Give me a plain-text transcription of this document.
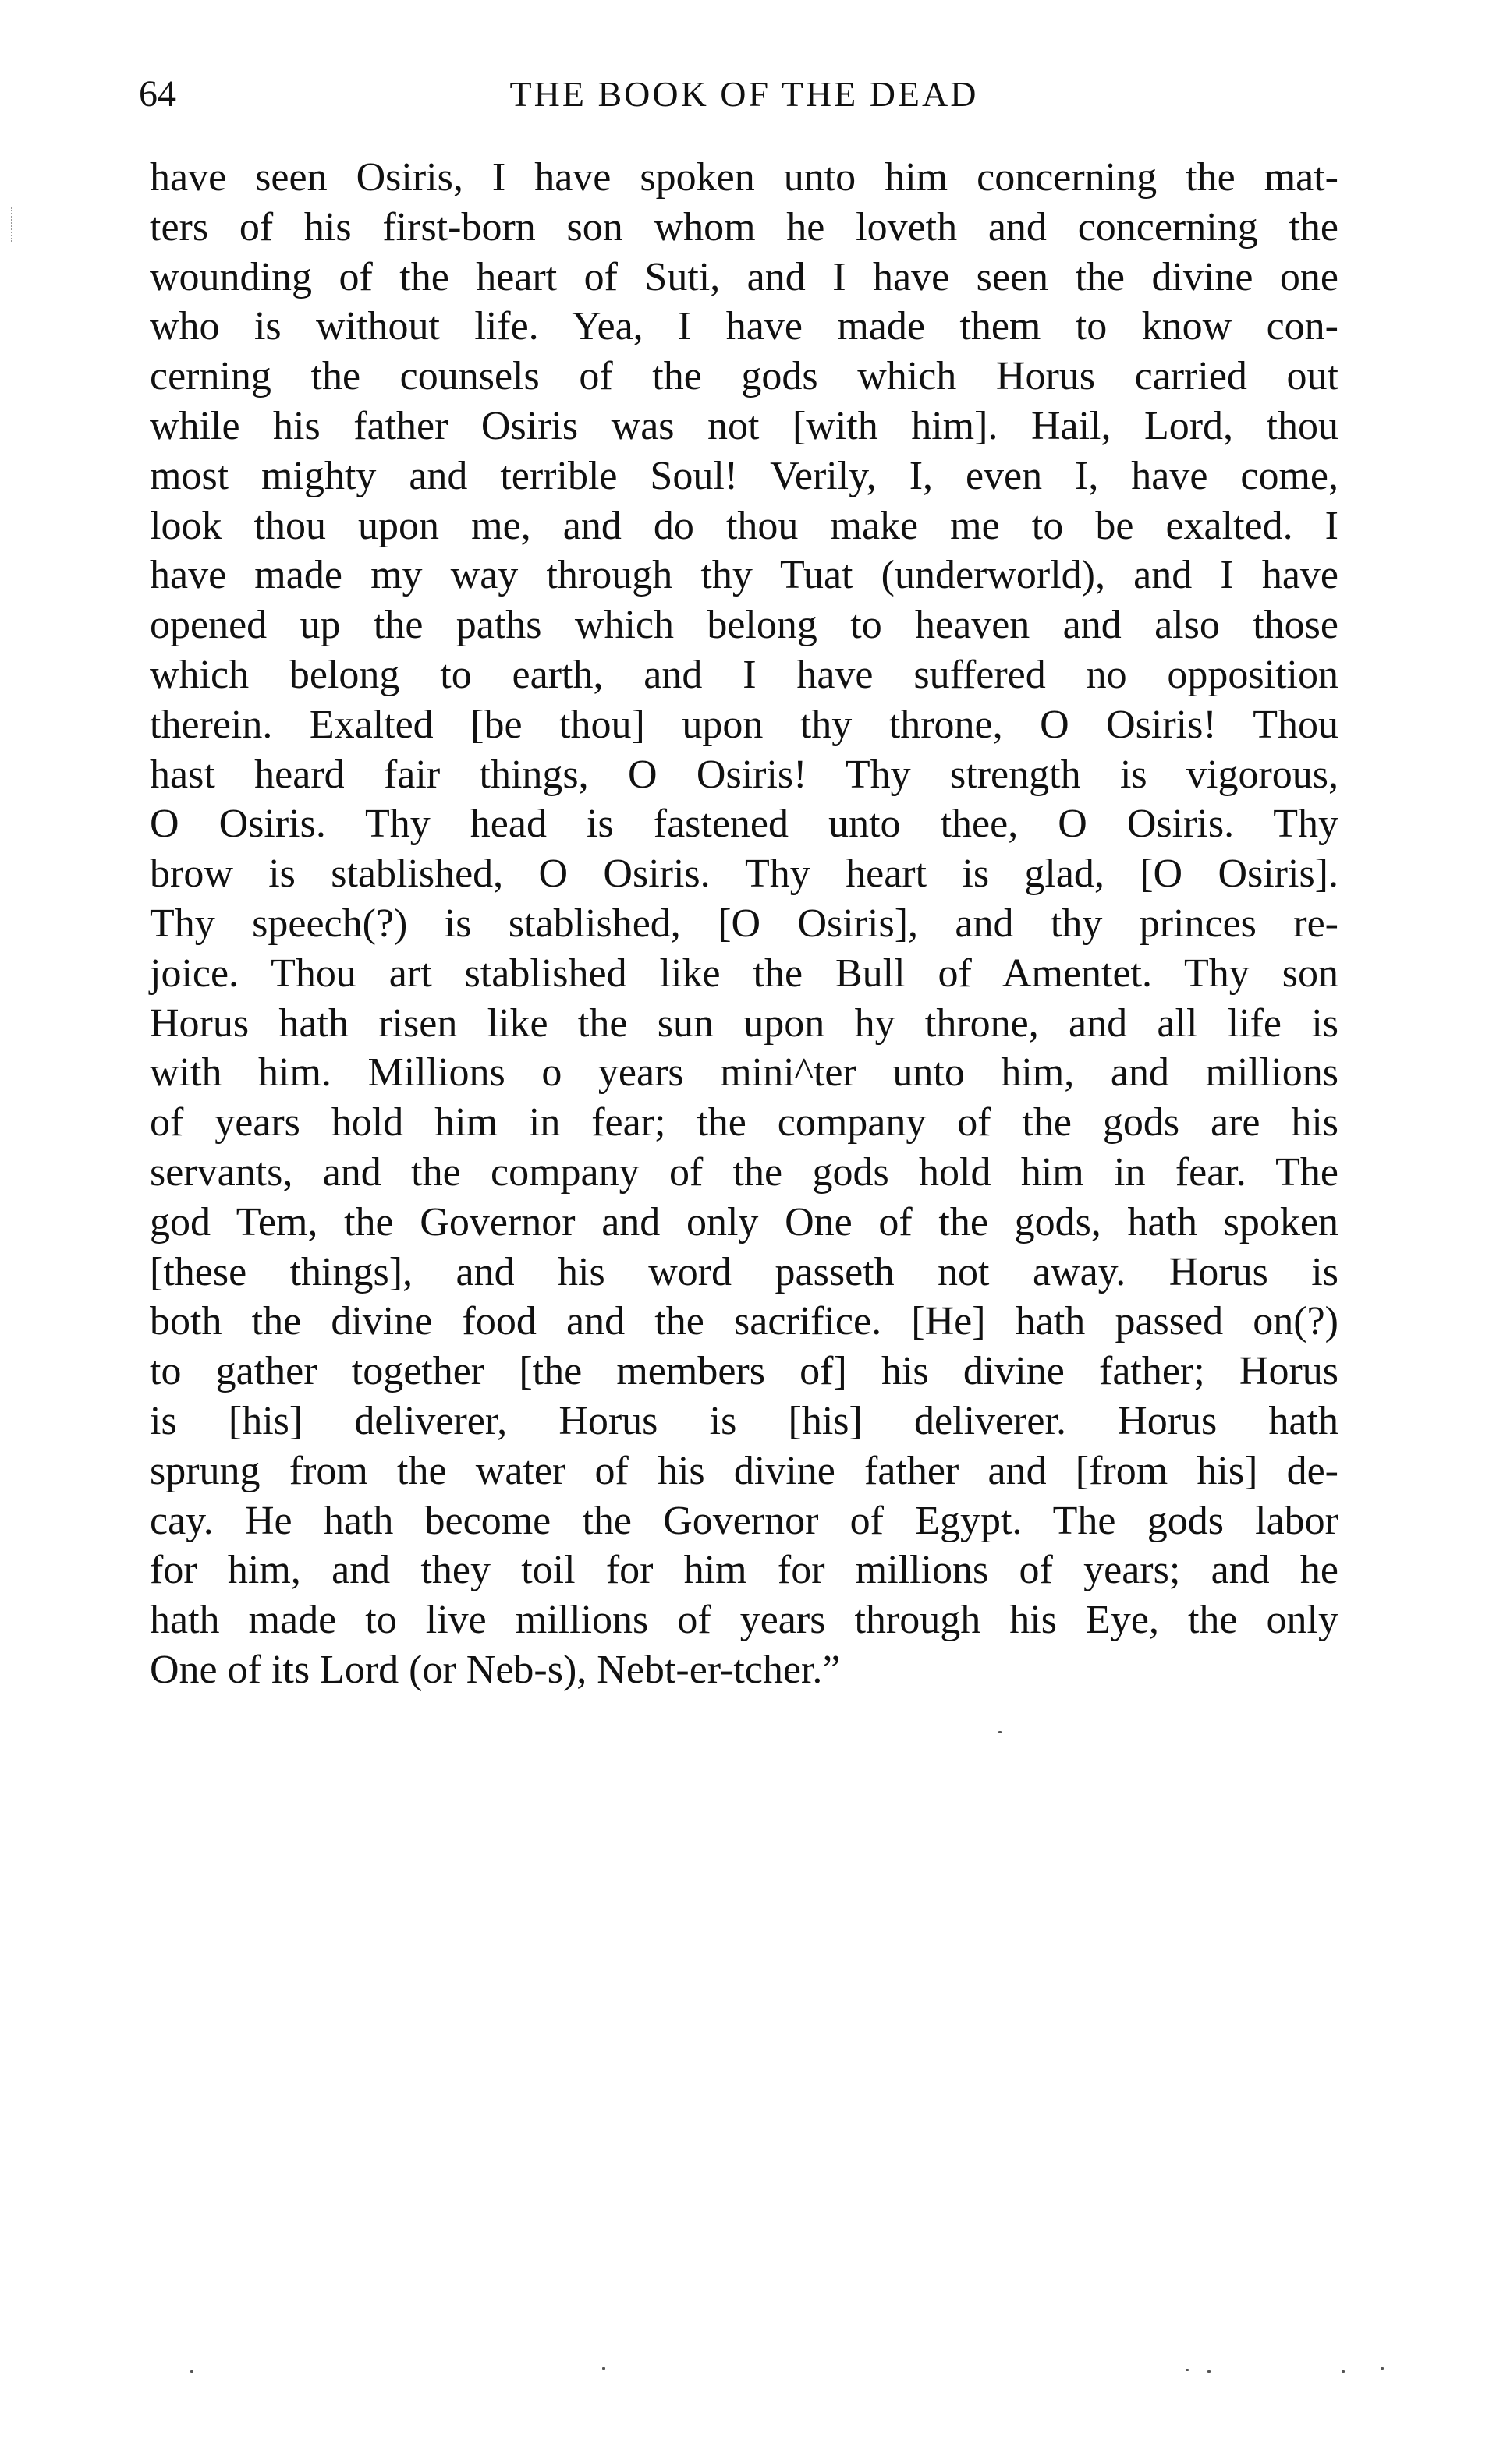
64	THE BOOK OF THE DEAD
have seen Osiris, I have spoken unto him concerning the mat-
ters of his first-born son whom he loveth and concerning the
wounding of the heart of Suti, and I have seen the divine one
who is without life. Yea, I have made them to know con-
cerning the counsels of the gods which Horus carried out
while his father Osiris was not [with him]. Hail, Lord, thou
most mighty and terrible Soul! Verily, I, even I, have come,
look thou upon me, and do thou make me to be exalted. I
have made my way through thy Tuat (underworld), and I have
opened up the paths which belong to heaven and also those
which belong to earth, and I have suffered no opposition
therein. Exalted [be thou] upon thy throne, O Osiris! Thou
hast heard fair things, O Osiris! Thy strength is vigorous,
O Osiris. Thy head is fastened unto thee, O Osiris. Thy
brow is stablished, O Osiris. Thy heart is glad, [O Osiris].
Thy speech(?) is stablished, [O Osiris], and thy princes re-
joice. Thou art stablished like the Bull of Amentet. Thy son
Horus hath risen like the sun upon hy throne, and all life is
with him. Millions o years mini^ter unto him, and millions
of years hold him in fear; the company of the gods are his
servants, and the company of the gods hold him in fear. The
god Tem, the Governor and only One of the gods, hath spoken
[these things], and his word passeth not away. Horus is
both the divine food and the sacrifice. [He] hath passed on(?)
to gather together [the members of] his divine father; Horus
is [his] deliverer, Horus is [his] deliverer. Horus hath
sprung from the water of his divine father and [from his] de-
cay. He hath become the Governor of Egypt. The gods labor
for him, and they toil for him for millions of years; and he
hath made to live millions of years through his Eye, the only
One of its Lord (or Neb-s), Nebt-er-tcher.”
